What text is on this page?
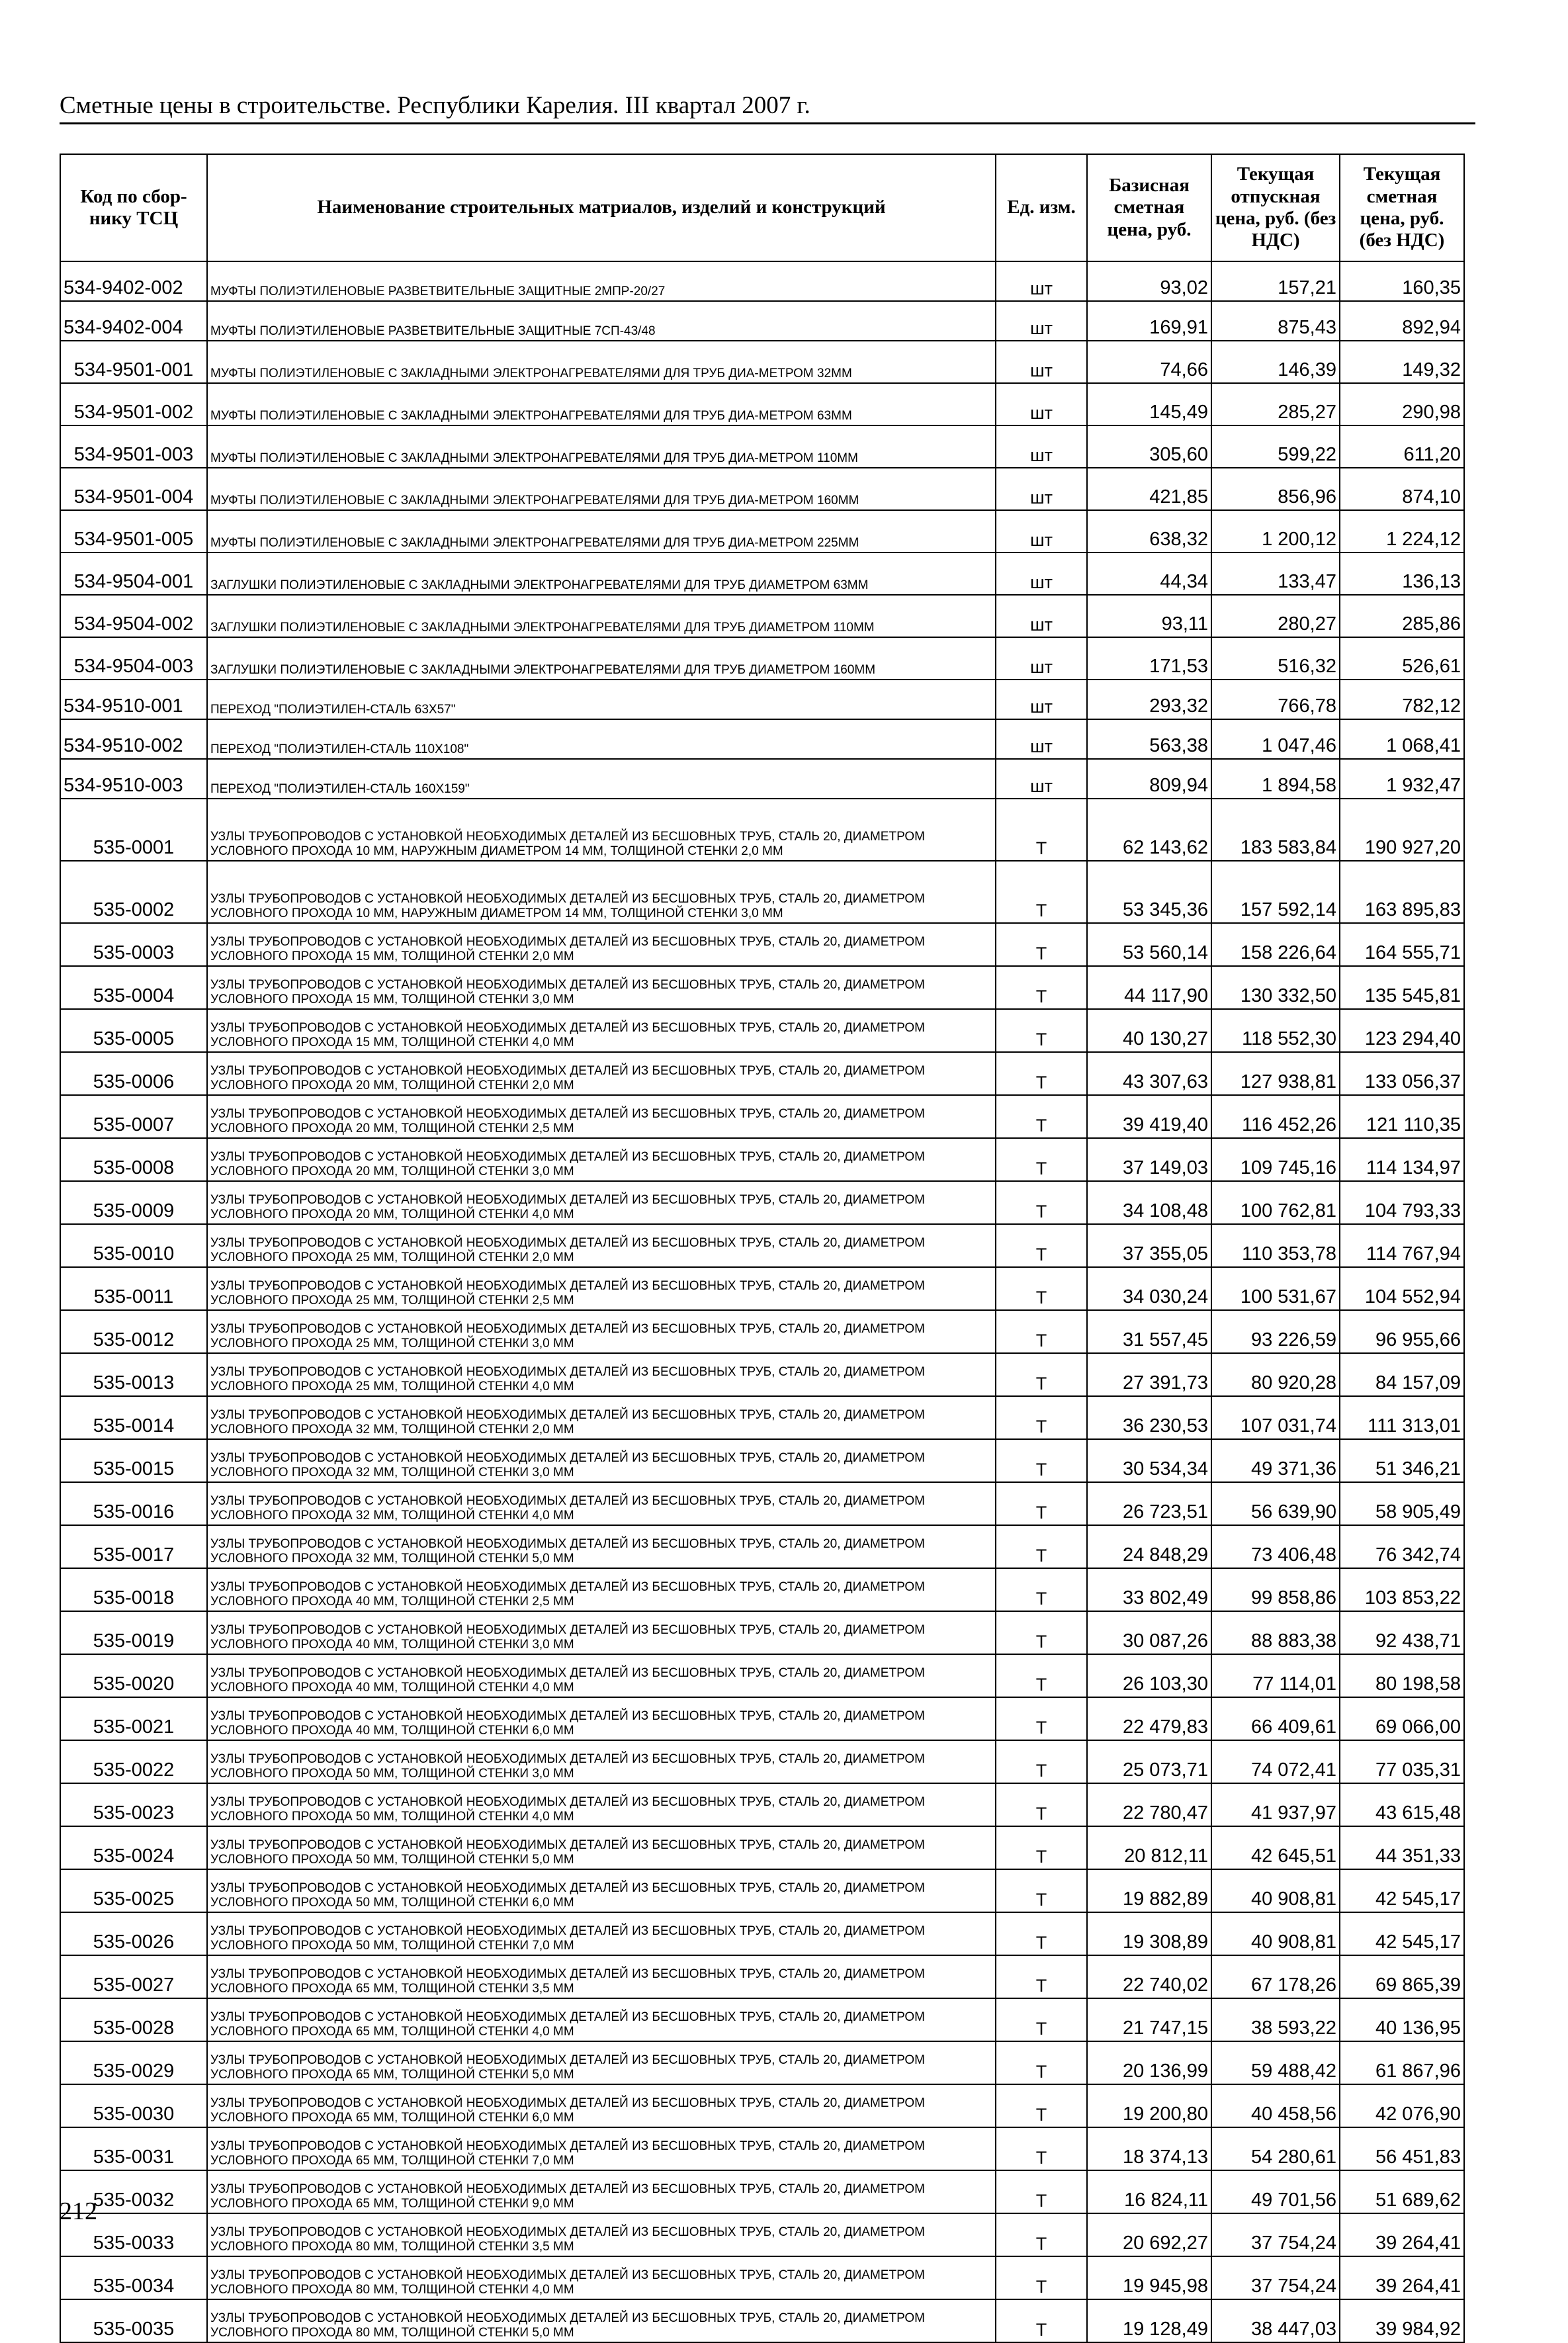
Сметные цены в строительстве. Республики Карелия. III квартал 2007 г.
Код по сбор-нику ТСЦ	Наименование строительных матриалов, изделий и конструкций	Ед. изм.	Базисная сметная цена, руб.	Текущая отпускная цена, руб. (без НДС)	Текущая сметная цена, руб. (без НДС)
534-9402-002	МУФТЫ ПОЛИЭТИЛЕНОВЫЕ РАЗВЕТВИТЕЛЬНЫЕ ЗАЩИТНЫЕ 2МПР-20/27	шт	93,02	157,21	160,35
534-9402-004	МУФТЫ ПОЛИЭТИЛЕНОВЫЕ РАЗВЕТВИТЕЛЬНЫЕ ЗАЩИТНЫЕ 7СП-43/48	шт	169,91	875,43	892,94
534-9501-001	МУФТЫ ПОЛИЭТИЛЕНОВЫЕ С ЗАКЛАДНЫМИ ЭЛЕКТРОНАГРЕВАТЕЛЯМИ ДЛЯ ТРУБ ДИА-МЕТРОМ 32ММ	шт	74,66	146,39	149,32
534-9501-002	МУФТЫ ПОЛИЭТИЛЕНОВЫЕ С ЗАКЛАДНЫМИ ЭЛЕКТРОНАГРЕВАТЕЛЯМИ ДЛЯ ТРУБ ДИА-МЕТРОМ 63ММ	шт	145,49	285,27	290,98
534-9501-003	МУФТЫ ПОЛИЭТИЛЕНОВЫЕ С ЗАКЛАДНЫМИ ЭЛЕКТРОНАГРЕВАТЕЛЯМИ ДЛЯ ТРУБ ДИА-МЕТРОМ 110ММ	шт	305,60	599,22	611,20
534-9501-004	МУФТЫ ПОЛИЭТИЛЕНОВЫЕ С ЗАКЛАДНЫМИ ЭЛЕКТРОНАГРЕВАТЕЛЯМИ ДЛЯ ТРУБ ДИА-МЕТРОМ 160ММ	шт	421,85	856,96	874,10
534-9501-005	МУФТЫ ПОЛИЭТИЛЕНОВЫЕ С ЗАКЛАДНЫМИ ЭЛЕКТРОНАГРЕВАТЕЛЯМИ ДЛЯ ТРУБ ДИА-МЕТРОМ 225ММ	шт	638,32	1 200,12	1 224,12
534-9504-001	ЗАГЛУШКИ ПОЛИЭТИЛЕНОВЫЕ С ЗАКЛАДНЫМИ ЭЛЕКТРОНАГРЕВАТЕЛЯМИ ДЛЯ ТРУБ ДИАМЕТРОМ 63ММ	шт	44,34	133,47	136,13
534-9504-002	ЗАГЛУШКИ ПОЛИЭТИЛЕНОВЫЕ С ЗАКЛАДНЫМИ ЭЛЕКТРОНАГРЕВАТЕЛЯМИ ДЛЯ ТРУБ ДИАМЕТРОМ 110ММ	шт	93,11	280,27	285,86
534-9504-003	ЗАГЛУШКИ ПОЛИЭТИЛЕНОВЫЕ С ЗАКЛАДНЫМИ ЭЛЕКТРОНАГРЕВАТЕЛЯМИ ДЛЯ ТРУБ ДИАМЕТРОМ 160ММ	шт	171,53	516,32	526,61
534-9510-001	ПЕРЕХОД "ПОЛИЭТИЛЕН-СТАЛЬ 63Х57"	шт	293,32	766,78	782,12
534-9510-002	ПЕРЕХОД "ПОЛИЭТИЛЕН-СТАЛЬ 110Х108"	шт	563,38	1 047,46	1 068,41
534-9510-003	ПЕРЕХОД "ПОЛИЭТИЛЕН-СТАЛЬ 160Х159"	шт	809,94	1 894,58	1 932,47
535-0001	УЗЛЫ ТРУБОПРОВОДОВ С УСТАНОВКОЙ НЕОБХОДИМЫХ ДЕТАЛЕЙ ИЗ БЕСШОВНЫХ ТРУБ, СТАЛЬ 20, ДИАМЕТРОМ УСЛОВНОГО ПРОХОДА 10 ММ, НАРУЖНЫМ ДИАМЕТРОМ 14 ММ, ТОЛЩИНОЙ СТЕНКИ 2,0 ММ	Т	62 143,62	183 583,84	190 927,20
535-0002	УЗЛЫ ТРУБОПРОВОДОВ С УСТАНОВКОЙ НЕОБХОДИМЫХ ДЕТАЛЕЙ ИЗ БЕСШОВНЫХ ТРУБ, СТАЛЬ 20, ДИАМЕТРОМ УСЛОВНОГО ПРОХОДА 10 ММ, НАРУЖНЫМ ДИАМЕТРОМ 14 ММ, ТОЛЩИНОЙ СТЕНКИ 3,0 ММ	Т	53 345,36	157 592,14	163 895,83
535-0003	УЗЛЫ ТРУБОПРОВОДОВ С УСТАНОВКОЙ НЕОБХОДИМЫХ ДЕТАЛЕЙ ИЗ БЕСШОВНЫХ ТРУБ, СТАЛЬ 20, ДИАМЕТРОМ УСЛОВНОГО ПРОХОДА 15 ММ, ТОЛЩИНОЙ СТЕНКИ 2,0 ММ	Т	53 560,14	158 226,64	164 555,71
535-0004	УЗЛЫ ТРУБОПРОВОДОВ С УСТАНОВКОЙ НЕОБХОДИМЫХ ДЕТАЛЕЙ ИЗ БЕСШОВНЫХ ТРУБ, СТАЛЬ 20, ДИАМЕТРОМ УСЛОВНОГО ПРОХОДА 15 ММ, ТОЛЩИНОЙ СТЕНКИ 3,0 ММ	Т	44 117,90	130 332,50	135 545,81
535-0005	УЗЛЫ ТРУБОПРОВОДОВ С УСТАНОВКОЙ НЕОБХОДИМЫХ ДЕТАЛЕЙ ИЗ БЕСШОВНЫХ ТРУБ, СТАЛЬ 20, ДИАМЕТРОМ УСЛОВНОГО ПРОХОДА 15 ММ, ТОЛЩИНОЙ СТЕНКИ 4,0 ММ	Т	40 130,27	118 552,30	123 294,40
535-0006	УЗЛЫ ТРУБОПРОВОДОВ С УСТАНОВКОЙ НЕОБХОДИМЫХ ДЕТАЛЕЙ ИЗ БЕСШОВНЫХ ТРУБ, СТАЛЬ 20, ДИАМЕТРОМ УСЛОВНОГО ПРОХОДА 20 ММ, ТОЛЩИНОЙ СТЕНКИ 2,0 ММ	Т	43 307,63	127 938,81	133 056,37
535-0007	УЗЛЫ ТРУБОПРОВОДОВ С УСТАНОВКОЙ НЕОБХОДИМЫХ ДЕТАЛЕЙ ИЗ БЕСШОВНЫХ ТРУБ, СТАЛЬ 20, ДИАМЕТРОМ УСЛОВНОГО ПРОХОДА 20 ММ, ТОЛЩИНОЙ СТЕНКИ 2,5 ММ	Т	39 419,40	116 452,26	121 110,35
535-0008	УЗЛЫ ТРУБОПРОВОДОВ С УСТАНОВКОЙ НЕОБХОДИМЫХ ДЕТАЛЕЙ ИЗ БЕСШОВНЫХ ТРУБ, СТАЛЬ 20, ДИАМЕТРОМ УСЛОВНОГО ПРОХОДА 20 ММ, ТОЛЩИНОЙ СТЕНКИ 3,0 ММ	Т	37 149,03	109 745,16	114 134,97
535-0009	УЗЛЫ ТРУБОПРОВОДОВ С УСТАНОВКОЙ НЕОБХОДИМЫХ ДЕТАЛЕЙ ИЗ БЕСШОВНЫХ ТРУБ, СТАЛЬ 20, ДИАМЕТРОМ УСЛОВНОГО ПРОХОДА 20 ММ, ТОЛЩИНОЙ СТЕНКИ 4,0 ММ	Т	34 108,48	100 762,81	104 793,33
535-0010	УЗЛЫ ТРУБОПРОВОДОВ С УСТАНОВКОЙ НЕОБХОДИМЫХ ДЕТАЛЕЙ ИЗ БЕСШОВНЫХ ТРУБ, СТАЛЬ 20, ДИАМЕТРОМ УСЛОВНОГО ПРОХОДА 25 ММ, ТОЛЩИНОЙ СТЕНКИ 2,0 ММ	Т	37 355,05	110 353,78	114 767,94
535-0011	УЗЛЫ ТРУБОПРОВОДОВ С УСТАНОВКОЙ НЕОБХОДИМЫХ ДЕТАЛЕЙ ИЗ БЕСШОВНЫХ ТРУБ, СТАЛЬ 20, ДИАМЕТРОМ УСЛОВНОГО ПРОХОДА 25 ММ, ТОЛЩИНОЙ СТЕНКИ 2,5 ММ	Т	34 030,24	100 531,67	104 552,94
535-0012	УЗЛЫ ТРУБОПРОВОДОВ С УСТАНОВКОЙ НЕОБХОДИМЫХ ДЕТАЛЕЙ ИЗ БЕСШОВНЫХ ТРУБ, СТАЛЬ 20, ДИАМЕТРОМ УСЛОВНОГО ПРОХОДА 25 ММ, ТОЛЩИНОЙ СТЕНКИ 3,0 ММ	Т	31 557,45	93 226,59	96 955,66
535-0013	УЗЛЫ ТРУБОПРОВОДОВ С УСТАНОВКОЙ НЕОБХОДИМЫХ ДЕТАЛЕЙ ИЗ БЕСШОВНЫХ ТРУБ, СТАЛЬ 20, ДИАМЕТРОМ УСЛОВНОГО ПРОХОДА 25 ММ, ТОЛЩИНОЙ СТЕНКИ 4,0 ММ	Т	27 391,73	80 920,28	84 157,09
535-0014	УЗЛЫ ТРУБОПРОВОДОВ С УСТАНОВКОЙ НЕОБХОДИМЫХ ДЕТАЛЕЙ ИЗ БЕСШОВНЫХ ТРУБ, СТАЛЬ 20, ДИАМЕТРОМ УСЛОВНОГО ПРОХОДА 32 ММ, ТОЛЩИНОЙ СТЕНКИ 2,0 ММ	Т	36 230,53	107 031,74	111 313,01
535-0015	УЗЛЫ ТРУБОПРОВОДОВ С УСТАНОВКОЙ НЕОБХОДИМЫХ ДЕТАЛЕЙ ИЗ БЕСШОВНЫХ ТРУБ, СТАЛЬ 20, ДИАМЕТРОМ УСЛОВНОГО ПРОХОДА 32 ММ, ТОЛЩИНОЙ СТЕНКИ 3,0 ММ	Т	30 534,34	49 371,36	51 346,21
535-0016	УЗЛЫ ТРУБОПРОВОДОВ С УСТАНОВКОЙ НЕОБХОДИМЫХ ДЕТАЛЕЙ ИЗ БЕСШОВНЫХ ТРУБ, СТАЛЬ 20, ДИАМЕТРОМ УСЛОВНОГО ПРОХОДА 32 ММ, ТОЛЩИНОЙ СТЕНКИ 4,0 ММ	Т	26 723,51	56 639,90	58 905,49
535-0017	УЗЛЫ ТРУБОПРОВОДОВ С УСТАНОВКОЙ НЕОБХОДИМЫХ ДЕТАЛЕЙ ИЗ БЕСШОВНЫХ ТРУБ, СТАЛЬ 20, ДИАМЕТРОМ УСЛОВНОГО ПРОХОДА 32 ММ, ТОЛЩИНОЙ СТЕНКИ 5,0 ММ	Т	24 848,29	73 406,48	76 342,74
535-0018	УЗЛЫ ТРУБОПРОВОДОВ С УСТАНОВКОЙ НЕОБХОДИМЫХ ДЕТАЛЕЙ ИЗ БЕСШОВНЫХ ТРУБ, СТАЛЬ 20, ДИАМЕТРОМ УСЛОВНОГО ПРОХОДА 40 ММ, ТОЛЩИНОЙ СТЕНКИ 2,5 ММ	Т	33 802,49	99 858,86	103 853,22
535-0019	УЗЛЫ ТРУБОПРОВОДОВ С УСТАНОВКОЙ НЕОБХОДИМЫХ ДЕТАЛЕЙ ИЗ БЕСШОВНЫХ ТРУБ, СТАЛЬ 20, ДИАМЕТРОМ УСЛОВНОГО ПРОХОДА 40 ММ, ТОЛЩИНОЙ СТЕНКИ 3,0 ММ	Т	30 087,26	88 883,38	92 438,71
535-0020	УЗЛЫ ТРУБОПРОВОДОВ С УСТАНОВКОЙ НЕОБХОДИМЫХ ДЕТАЛЕЙ ИЗ БЕСШОВНЫХ ТРУБ, СТАЛЬ 20, ДИАМЕТРОМ УСЛОВНОГО ПРОХОДА 40 ММ, ТОЛЩИНОЙ СТЕНКИ 4,0 ММ	Т	26 103,30	77 114,01	80 198,58
535-0021	УЗЛЫ ТРУБОПРОВОДОВ С УСТАНОВКОЙ НЕОБХОДИМЫХ ДЕТАЛЕЙ ИЗ БЕСШОВНЫХ ТРУБ, СТАЛЬ 20, ДИАМЕТРОМ УСЛОВНОГО ПРОХОДА 40 ММ, ТОЛЩИНОЙ СТЕНКИ 6,0 ММ	Т	22 479,83	66 409,61	69 066,00
535-0022	УЗЛЫ ТРУБОПРОВОДОВ С УСТАНОВКОЙ НЕОБХОДИМЫХ ДЕТАЛЕЙ ИЗ БЕСШОВНЫХ ТРУБ, СТАЛЬ 20, ДИАМЕТРОМ УСЛОВНОГО ПРОХОДА 50 ММ, ТОЛЩИНОЙ СТЕНКИ 3,0 ММ	Т	25 073,71	74 072,41	77 035,31
535-0023	УЗЛЫ ТРУБОПРОВОДОВ С УСТАНОВКОЙ НЕОБХОДИМЫХ ДЕТАЛЕЙ ИЗ БЕСШОВНЫХ ТРУБ, СТАЛЬ 20, ДИАМЕТРОМ УСЛОВНОГО ПРОХОДА 50 ММ, ТОЛЩИНОЙ СТЕНКИ 4,0 ММ	Т	22 780,47	41 937,97	43 615,48
535-0024	УЗЛЫ ТРУБОПРОВОДОВ С УСТАНОВКОЙ НЕОБХОДИМЫХ ДЕТАЛЕЙ ИЗ БЕСШОВНЫХ ТРУБ, СТАЛЬ 20, ДИАМЕТРОМ УСЛОВНОГО ПРОХОДА 50 ММ, ТОЛЩИНОЙ СТЕНКИ 5,0 ММ	Т	20 812,11	42 645,51	44 351,33
535-0025	УЗЛЫ ТРУБОПРОВОДОВ С УСТАНОВКОЙ НЕОБХОДИМЫХ ДЕТАЛЕЙ ИЗ БЕСШОВНЫХ ТРУБ, СТАЛЬ 20, ДИАМЕТРОМ УСЛОВНОГО ПРОХОДА 50 ММ, ТОЛЩИНОЙ СТЕНКИ 6,0 ММ	Т	19 882,89	40 908,81	42 545,17
535-0026	УЗЛЫ ТРУБОПРОВОДОВ С УСТАНОВКОЙ НЕОБХОДИМЫХ ДЕТАЛЕЙ ИЗ БЕСШОВНЫХ ТРУБ, СТАЛЬ 20, ДИАМЕТРОМ УСЛОВНОГО ПРОХОДА 50 ММ, ТОЛЩИНОЙ СТЕНКИ 7,0 ММ	Т	19 308,89	40 908,81	42 545,17
535-0027	УЗЛЫ ТРУБОПРОВОДОВ С УСТАНОВКОЙ НЕОБХОДИМЫХ ДЕТАЛЕЙ ИЗ БЕСШОВНЫХ ТРУБ, СТАЛЬ 20, ДИАМЕТРОМ УСЛОВНОГО ПРОХОДА 65 ММ, ТОЛЩИНОЙ СТЕНКИ 3,5 ММ	Т	22 740,02	67 178,26	69 865,39
535-0028	УЗЛЫ ТРУБОПРОВОДОВ С УСТАНОВКОЙ НЕОБХОДИМЫХ ДЕТАЛЕЙ ИЗ БЕСШОВНЫХ ТРУБ, СТАЛЬ 20, ДИАМЕТРОМ УСЛОВНОГО ПРОХОДА 65 ММ, ТОЛЩИНОЙ СТЕНКИ 4,0 ММ	Т	21 747,15	38 593,22	40 136,95
535-0029	УЗЛЫ ТРУБОПРОВОДОВ С УСТАНОВКОЙ НЕОБХОДИМЫХ ДЕТАЛЕЙ ИЗ БЕСШОВНЫХ ТРУБ, СТАЛЬ 20, ДИАМЕТРОМ УСЛОВНОГО ПРОХОДА 65 ММ, ТОЛЩИНОЙ СТЕНКИ 5,0 ММ	Т	20 136,99	59 488,42	61 867,96
535-0030	УЗЛЫ ТРУБОПРОВОДОВ С УСТАНОВКОЙ НЕОБХОДИМЫХ ДЕТАЛЕЙ ИЗ БЕСШОВНЫХ ТРУБ, СТАЛЬ 20, ДИАМЕТРОМ УСЛОВНОГО ПРОХОДА 65 ММ, ТОЛЩИНОЙ СТЕНКИ 6,0 ММ	Т	19 200,80	40 458,56	42 076,90
535-0031	УЗЛЫ ТРУБОПРОВОДОВ С УСТАНОВКОЙ НЕОБХОДИМЫХ ДЕТАЛЕЙ ИЗ БЕСШОВНЫХ ТРУБ, СТАЛЬ 20, ДИАМЕТРОМ УСЛОВНОГО ПРОХОДА 65 ММ, ТОЛЩИНОЙ СТЕНКИ 7,0 ММ	Т	18 374,13	54 280,61	56 451,83
535-0032	УЗЛЫ ТРУБОПРОВОДОВ С УСТАНОВКОЙ НЕОБХОДИМЫХ ДЕТАЛЕЙ ИЗ БЕСШОВНЫХ ТРУБ, СТАЛЬ 20, ДИАМЕТРОМ УСЛОВНОГО ПРОХОДА 65 ММ, ТОЛЩИНОЙ СТЕНКИ 9,0 ММ	Т	16 824,11	49 701,56	51 689,62
535-0033	УЗЛЫ ТРУБОПРОВОДОВ С УСТАНОВКОЙ НЕОБХОДИМЫХ ДЕТАЛЕЙ ИЗ БЕСШОВНЫХ ТРУБ, СТАЛЬ 20, ДИАМЕТРОМ УСЛОВНОГО ПРОХОДА 80 ММ, ТОЛЩИНОЙ СТЕНКИ 3,5 ММ	Т	20 692,27	37 754,24	39 264,41
535-0034	УЗЛЫ ТРУБОПРОВОДОВ С УСТАНОВКОЙ НЕОБХОДИМЫХ ДЕТАЛЕЙ ИЗ БЕСШОВНЫХ ТРУБ, СТАЛЬ 20, ДИАМЕТРОМ УСЛОВНОГО ПРОХОДА 80 ММ, ТОЛЩИНОЙ СТЕНКИ 4,0 ММ	Т	19 945,98	37 754,24	39 264,41
535-0035	УЗЛЫ ТРУБОПРОВОДОВ С УСТАНОВКОЙ НЕОБХОДИМЫХ ДЕТАЛЕЙ ИЗ БЕСШОВНЫХ ТРУБ, СТАЛЬ 20, ДИАМЕТРОМ УСЛОВНОГО ПРОХОДА 80 ММ, ТОЛЩИНОЙ СТЕНКИ 5,0 ММ	Т	19 128,49	38 447,03	39 984,92
212
